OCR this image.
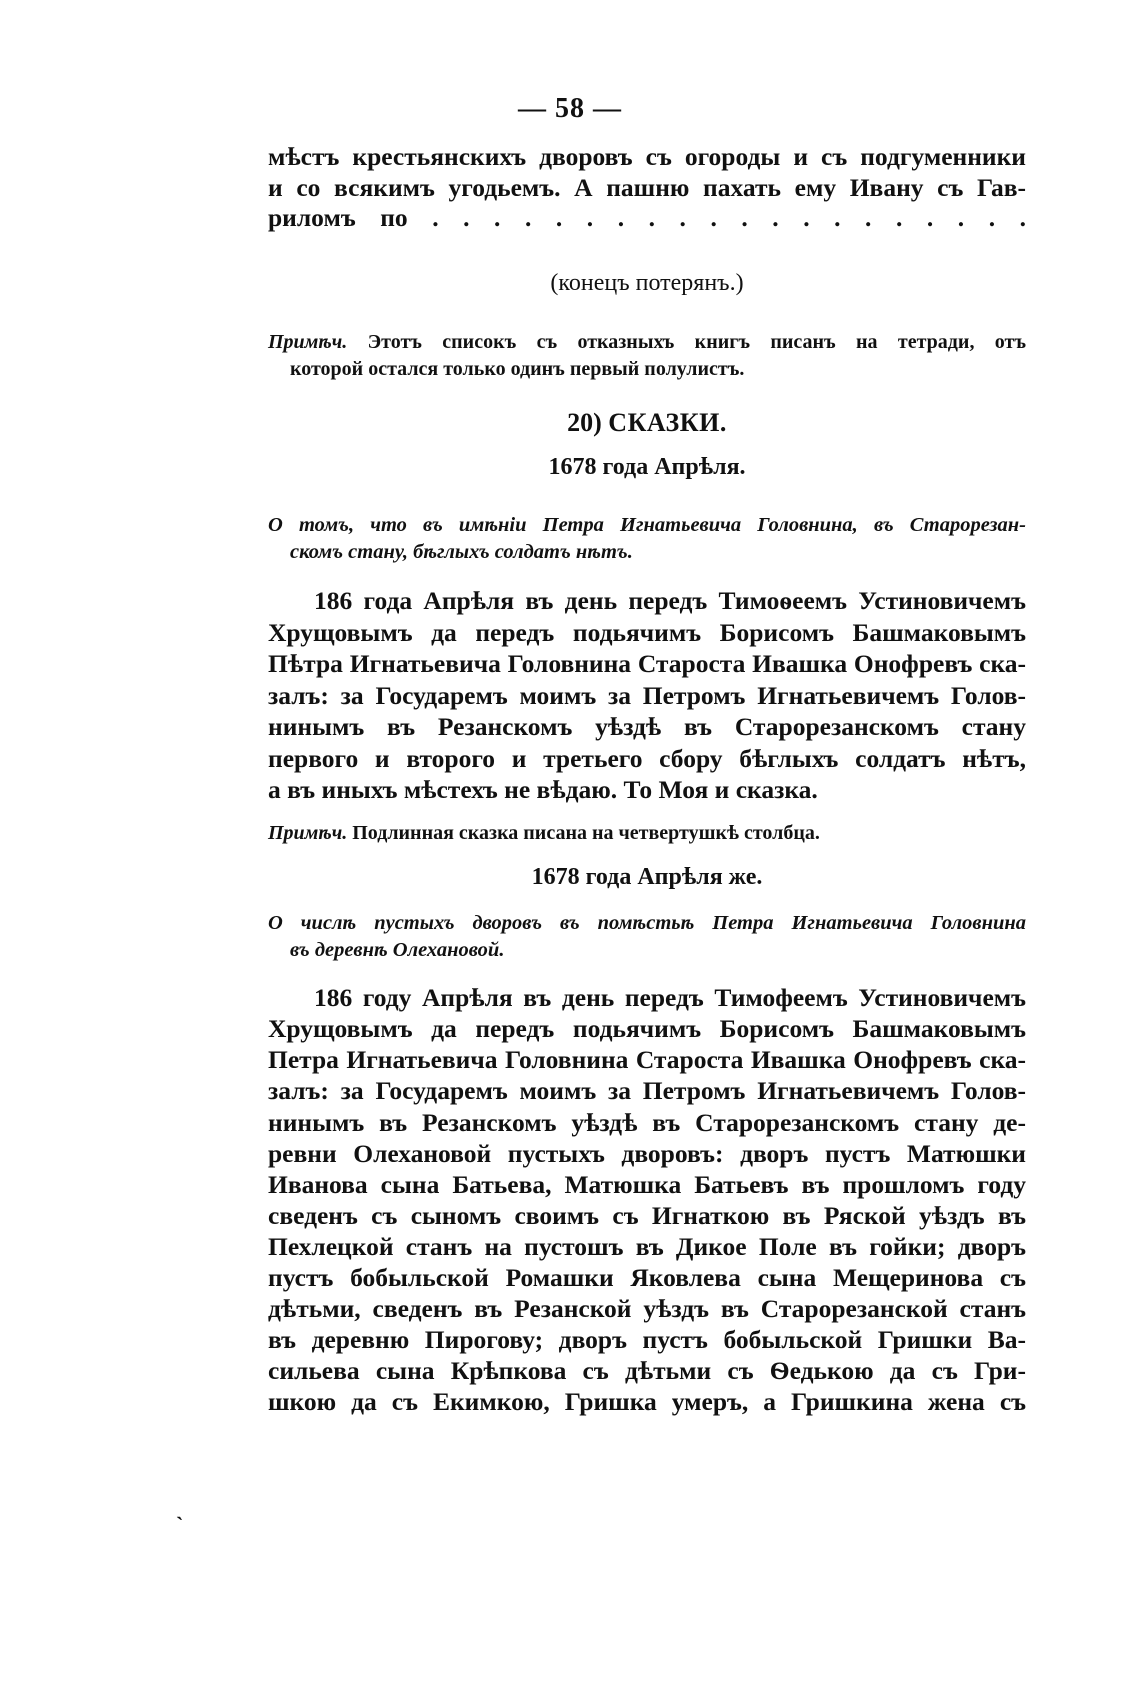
— 58 —
мѣстъ крестьянскихъ дворовъ съ огороды и съ подгуменники
и со всякимъ угодьемъ. А пашню пахать ему Ивану съ Гав-
риломъ по . . . . . . . . . . . . . . . . . . . .
(конецъ потерянъ.)
Примѣч. Этотъ списокъ съ отказныхъ книгъ писанъ на тетради, отъ
которой остался только одинъ первый полулистъ.
20) СКАЗКИ.
1678 года Апрѣля.
О томъ, что въ имѣніи Петра Игнатьевича Головнина, въ Старорезан-
скомъ стану, бѣглыхъ солдатъ нѣтъ.
186 года Апрѣля въ день передъ Тимоѳеемъ Устиновичемъ
Хрущовымъ да передъ подьячимъ Борисомъ Башмаковымъ
Пѣтра Игнатьевича Головнина Староста Ивашка Онофревъ ска-
залъ: за Государемъ моимъ за Петромъ Игнатьевичемъ Голов-
нинымъ въ Резанскомъ уѣздѣ въ Старорезанскомъ стану
первого и второго и третьего сбору бѣглыхъ солдатъ нѣтъ,
а въ иныхъ мѣстехъ не вѣдаю. То Моя и сказка.
Примѣч. Подлинная сказка писана на четвертушкѣ столбца.
1678 года Апрѣля же.
О числѣ пустыхъ дворовъ въ помѣстьѣ Петра Игнатьевича Головнина
въ деревнѣ Олехановой.
186 году Апрѣля въ день передъ Тимофеемъ Устиновичемъ
Хрущовымъ да передъ подьячимъ Борисомъ Башмаковымъ
Петра Игнатьевича Головнина Староста Ивашка Онофревъ ска-
залъ: за Государемъ моимъ за Петромъ Игнатьевичемъ Голов-
нинымъ въ Резанскомъ уѣздѣ въ Старорезанскомъ стану де-
ревни Олехановой пустыхъ дворовъ: дворъ пустъ Матюшки
Иванова сына Батьева, Матюшка Батьевъ въ прошломъ году
сведенъ съ сыномъ своимъ съ Игнаткою въ Ряской уѣздъ въ
Пехлецкой станъ на пустошъ въ Дикое Поле въ гойки; дворъ
пустъ бобыльской Ромашки Яковлева сына Мещеринова съ
дѣтьми, сведенъ въ Резанской уѣздъ въ Старорезанской станъ
въ деревню Пирогову; дворъ пустъ бобыльской Гришки Ва-
сильева сына Крѣпкова съ дѣтьми съ Ѳедькою да съ Гри-
шкою да съ Екимкою, Гришка умеръ, а Гришкина жена съ
ˋ
